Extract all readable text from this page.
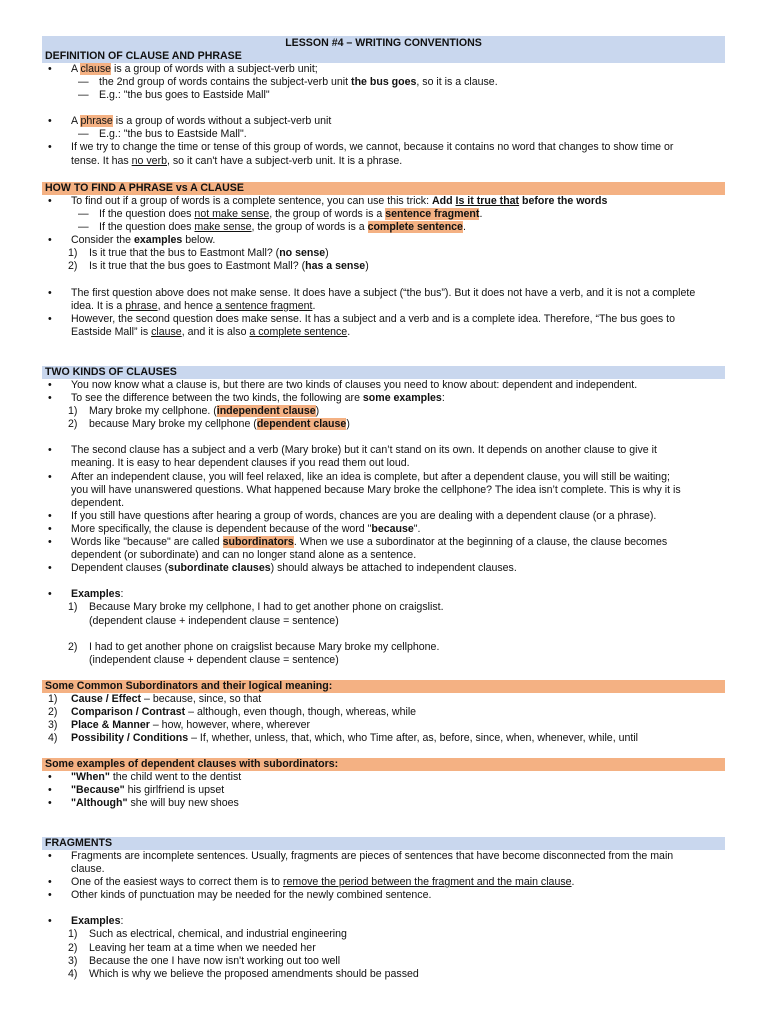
LESSON #4 – WRITING CONVENTIONS
DEFINITION OF CLAUSE AND PHRASE
• A clause is a group of words with a subject-verb unit;
— the 2nd group of words contains the subject-verb unit the bus goes, so it is a clause.
— E.g.: "the bus goes to Eastside Mall"
• A phrase is a group of words without a subject-verb unit
— E.g.: "the bus to Eastside Mall".
• If we try to change the time or tense of this group of words, we cannot, because it contains no word that changes to show time or
tense. It has no verb, so it can't have a subject-verb unit. It is a phrase.
HOW TO FIND A PHRASE vs A CLAUSE
• To find out if a group of words is a complete sentence, you can use this trick: Add Is it true that before the words
— If the question does not make sense, the group of words is a sentence fragment.
— If the question does make sense, the group of words is a complete sentence.
• Consider the examples below.
1) Is it true that the bus to Eastmont Mall? (no sense)
2) Is it true that the bus goes to Eastmont Mall? (has a sense)
• The first question above does not make sense. It does have a subject (“the bus”). But it does not have a verb, and it is not a complete
idea. It is a phrase, and hence a sentence fragment.
• However, the second question does make sense. It has a subject and a verb and is a complete idea. Therefore, “The bus goes to
Eastside Mall” is clause, and it is also a complete sentence.
TWO KINDS OF CLAUSES
• You now know what a clause is, but there are two kinds of clauses you need to know about: dependent and independent.
• To see the difference between the two kinds, the following are some examples:
1) Mary broke my cellphone. (independent clause)
2) because Mary broke my cellphone (dependent clause)
• The second clause has a subject and a verb (Mary broke) but it can’t stand on its own. It depends on another clause to give it
meaning. It is easy to hear dependent clauses if you read them out loud.
• After an independent clause, you will feel relaxed, like an idea is complete, but after a dependent clause, you will still be waiting;
you will have unanswered questions. What happened because Mary broke the cellphone? The idea isn’t complete. This is why it is
dependent.
• If you still have questions after hearing a group of words, chances are you are dealing with a dependent clause (or a phrase).
• More specifically, the clause is dependent because of the word "because".
• Words like "because" are called subordinators. When we use a subordinator at the beginning of a clause, the clause becomes
dependent (or subordinate) and can no longer stand alone as a sentence.
• Dependent clauses (subordinate clauses) should always be attached to independent clauses.
• Examples:
1) Because Mary broke my cellphone, I had to get another phone on craigslist.
(dependent clause + independent clause = sentence)
2) I had to get another phone on craigslist because Mary broke my cellphone.
(independent clause + dependent clause = sentence)
Some Common Subordinators and their logical meaning:
1) Cause / Effect – because, since, so that
2) Comparison / Contrast – although, even though, though, whereas, while
3) Place & Manner – how, however, where, wherever
4) Possibility / Conditions – If, whether, unless, that, which, who Time after, as, before, since, when, whenever, while, until
Some examples of dependent clauses with subordinators:
• "When" the child went to the dentist
• "Because" his girlfriend is upset
• "Although" she will buy new shoes
FRAGMENTS
• Fragments are incomplete sentences. Usually, fragments are pieces of sentences that have become disconnected from the main
clause.
• One of the easiest ways to correct them is to remove the period between the fragment and the main clause.
• Other kinds of punctuation may be needed for the newly combined sentence.
• Examples:
1) Such as electrical, chemical, and industrial engineering
2) Leaving her team at a time when we needed her
3) Because the one I have now isn't working out too well
4) Which is why we believe the proposed amendments should be passed
